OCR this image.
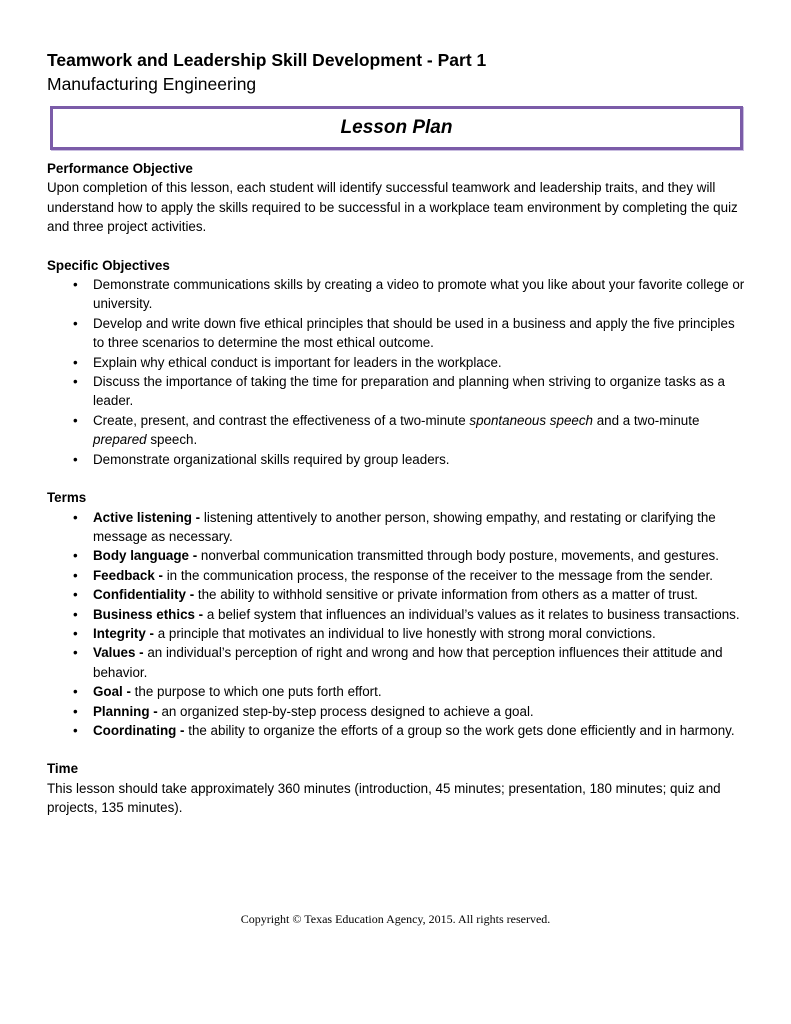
Teamwork and Leadership Skill Development - Part 1

Manufacturing Engineering

Lesson Plan

Performance Objective

Upon completion of this lesson, each student will identify successful teamwork and leadership traits, and they will understand how to apply the skills required to be successful in a workplace team environment by completing the quiz and three project activities.

Specific Objectives

• Demonstrate communications skills by creating a video to promote what you like about your favorite college or university.
• Develop and write down five ethical principles that should be used in a business and apply the five principles to three scenarios to determine the most ethical outcome.
• Explain why ethical conduct is important for leaders in the workplace.
• Discuss the importance of taking the time for preparation and planning when striving to organize tasks as a leader.
• Create, present, and contrast the effectiveness of a two-minute spontaneous speech and a two-minute prepared speech.
• Demonstrate organizational skills required by group leaders.

Terms

• Active listening - listening attentively to another person, showing empathy, and restating or clarifying the message as necessary.
• Body language - nonverbal communication transmitted through body posture, movements, and gestures.
• Feedback - in the communication process, the response of the receiver to the message from the sender.
• Confidentiality - the ability to withhold sensitive or private information from others as a matter of trust.
• Business ethics - a belief system that influences an individual’s values as it relates to business transactions.
• Integrity - a principle that motivates an individual to live honestly with strong moral convictions.
• Values - an individual’s perception of right and wrong and how that perception influences their attitude and behavior.
• Goal - the purpose to which one puts forth effort.
• Planning - an organized step-by-step process designed to achieve a goal.
• Coordinating - the ability to organize the efforts of a group so the work gets done efficiently and in harmony.

Time

This lesson should take approximately 360 minutes (introduction, 45 minutes; presentation, 180 minutes; quiz and projects, 135 minutes).

Copyright © Texas Education Agency, 2015. All rights reserved.
